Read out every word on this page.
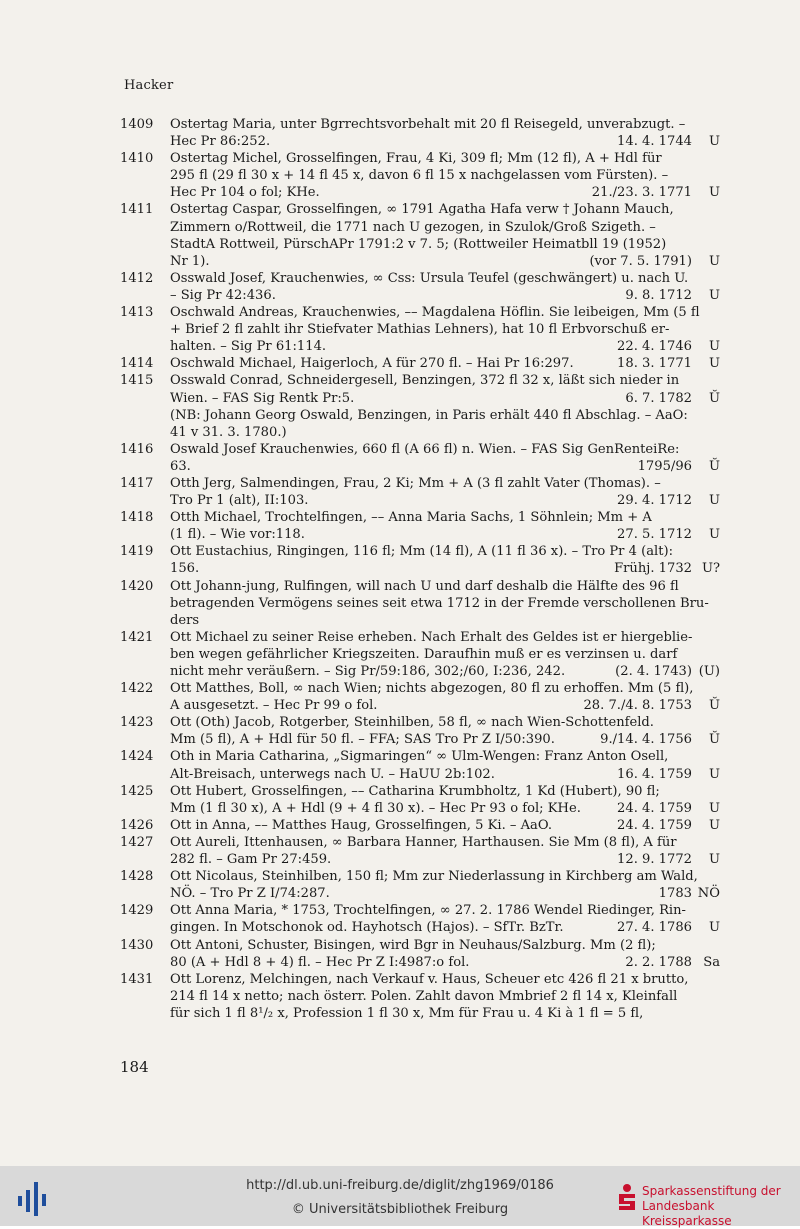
Hacker
1409	Ostertag Maria, unter Bgrrechtsvorbehalt mit 20 fl Reisegeld, unverabzugt. –
Hec Pr 86:252.	14. 4. 1744 U
1410	Ostertag Michel, Grosselfingen, Frau, 4 Ki, 309 fl; Mm (12 fl), A + Hdl für
295 fl (29 fl 30 x + 14 fl 45 x, davon 6 fl 15 x nachgelassen vom Fürsten). –
Hec Pr 104 o fol; KHe.	21./23. 3. 1771 U
1411	Ostertag Caspar, Grosselfingen, ∞ 1791 Agatha Hafa verw † Johann Mauch,
Zimmern o/Rottweil, die 1771 nach U gezogen, in Szulok/Groß Szigeth. –
StadtA Rottweil, PürschAPr 1791:2 v 7. 5; (Rottweiler Heimatbll 19 (1952)
Nr 1).	(vor 7. 5. 1791) U
1412	Osswald Josef, Krauchenwies, ∞ Css: Ursula Teufel (geschwängert) u. nach U.
– Sig Pr 42:436.	9. 8. 1712 U
1413	Oschwald Andreas, Krauchenwies, –– Magdalena Höflin. Sie leibeigen, Mm (5 fl
+ Brief 2 fl zahlt ihr Stiefvater Mathias Lehners), hat 10 fl Erbvorschuß er-
halten. – Sig Pr 61:114.	22. 4. 1746 U
1414	Oschwald Michael, Haigerloch, A für 270 fl. – Hai Pr 16:297.	18. 3. 1771 U
1415	Osswald Conrad, Schneidergesell, Benzingen, 372 fl 32 x, läßt sich nieder in
Wien. – FAS Sig Rentk Pr:5.	6. 7. 1782 Ŭ
(NB: Johann Georg Oswald, Benzingen, in Paris erhält 440 fl Abschlag. – AaO:
41 v 31. 3. 1780.)
1416	Oswald Josef Krauchenwies, 660 fl (A 66 fl) n. Wien. – FAS Sig GenRenteiRe:
63.	1795/96 Ŭ
1417	Otth Jerg, Salmendingen, Frau, 2 Ki; Mm + A (3 fl zahlt Vater (Thomas). –
Tro Pr 1 (alt), II:103.	29. 4. 1712 U
1418	Otth Michael, Trochtelfingen, –– Anna Maria Sachs, 1 Söhnlein; Mm + A
(1 fl). – Wie vor:118.	27. 5. 1712 U
1419	Ott Eustachius, Ringingen, 116 fl; Mm (14 fl), A (11 fl 36 x). – Tro Pr 4 (alt):
156.	Frühj. 1732 U?
1420	Ott Johann-jung, Rulfingen, will nach U und darf deshalb die Hälfte des 96 fl
betragenden Vermögens seines seit etwa 1712 in der Fremde verschollenen Bru-
ders
1421	Ott Michael zu seiner Reise erheben. Nach Erhalt des Geldes ist er hiergeblie-
ben wegen gefährlicher Kriegszeiten. Daraufhin muß er es verzinsen u. darf
nicht mehr veräußern. – Sig Pr/59:186, 302;/60, I:236, 242.	(2. 4. 1743) (U)
1422	Ott Matthes, Boll, ∞ nach Wien; nichts abgezogen, 80 fl zu erhoffen. Mm (5 fl),
A ausgesetzt. – Hec Pr 99 o fol.	28. 7./4. 8. 1753 Ŭ
1423	Ott (Oth) Jacob, Rotgerber, Steinhilben, 58 fl, ∞ nach Wien-Schottenfeld.
Mm (5 fl), A + Hdl für 50 fl. – FFA; SAS Tro Pr Z I/50:390.	9./14. 4. 1756 Ŭ
1424	Oth in Maria Catharina, „Sigmaringen“ ∞ Ulm-Wengen: Franz Anton Osell,
Alt-Breisach, unterwegs nach U. – HaUU 2b:102.	16. 4. 1759 U
1425	Ott Hubert, Grosselfingen, –– Catharina Krumbholtz, 1 Kd (Hubert), 90 fl;
Mm (1 fl 30 x), A + Hdl (9 + 4 fl 30 x). – Hec Pr 93 o fol; KHe.	24. 4. 1759 U
1426	Ott in Anna, –– Matthes Haug, Grosselfingen, 5 Ki. – AaO.	24. 4. 1759 U
1427	Ott Aureli, Ittenhausen, ∞ Barbara Hanner, Harthausen. Sie Mm (8 fl), A für
282 fl. – Gam Pr 27:459.	12. 9. 1772 U
1428	Ott Nicolaus, Steinhilben, 150 fl; Mm zur Niederlassung in Kirchberg am Wald,
NÖ. – Tro Pr Z I/74:287.	1783 NÖ
1429	Ott Anna Maria, * 1753, Trochtelfingen, ∞ 27. 2. 1786 Wendel Riedinger, Rin-
gingen. In Motschonok od. Hayhotsch (Hajos). – SfTr. BzTr.	27. 4. 1786 U
1430	Ott Antoni, Schuster, Bisingen, wird Bgr in Neuhaus/Salzburg. Mm (2 fl);
80 (A + Hdl 8 + 4) fl. – Hec Pr Z I:4987:o fol.	2. 2. 1788 Sa
1431	Ott Lorenz, Melchingen, nach Verkauf v. Haus, Scheuer etc 426 fl 21 x brutto,
214 fl 14 x netto; nach österr. Polen. Zahlt davon Mmbrief 2 fl 14 x, Kleinfall
für sich 1 fl 8¹/₂ x, Profession 1 fl 30 x, Mm für Frau u. 4 Ki à 1 fl = 5 fl,
184
http://dl.ub.uni-freiburg.de/diglit/zhg1969/0186
© Universitätsbibliothek Freiburg
Sparkassenstiftung der
Landesbank Kreissparkasse
